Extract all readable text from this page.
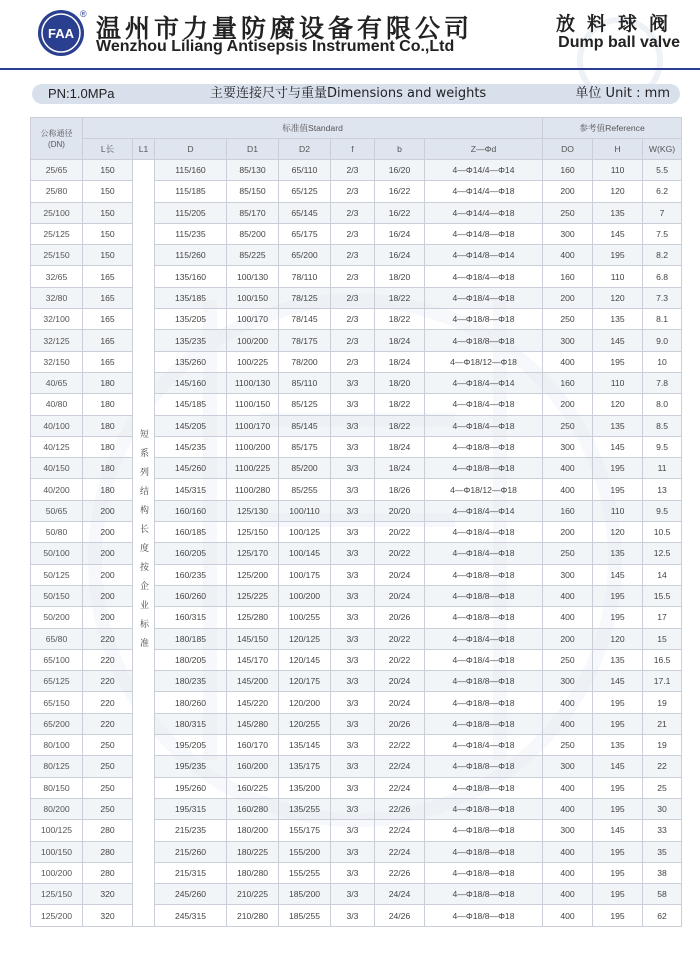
FAA
® 温州市力量防腐设备有限公司
Wenzhou Liliang Antisepsis Instrument Co.,Ltd
放料球阀
Dump ball valve
PN:1.0MPa	主要连接尺寸与重量Dimensions and weights	单位 Unit : mm
公称通径
(DN)	标准值Standard								参考值Reference		
	L长	L1	D	D1	D2	f	b	Z—Φd	DO	H	W(KG)
25/65	150	短系列结构长度按企业标准	115/160	85/130	65/110	2/3	16/20	4—Φ14/4—Φ14	160	110	5.5
25/80	150		115/185	85/150	65/125	2/3	16/22	4—Φ14/4—Φ18	200	120	6.2
25/100	150		115/205	85/170	65/145	2/3	16/22	4—Φ14/4—Φ18	250	135	7
25/125	150		115/235	85/200	65/175	2/3	16/24	4—Φ14/8—Φ18	300	145	7.5
25/150	150		115/260	85/225	65/200	2/3	16/24	4—Φ14/8—Φ14	400	195	8.2
32/65	165		135/160	100/130	78/110	2/3	18/20	4—Φ18/4—Φ18	160	110	6.8
32/80	165		135/185	100/150	78/125	2/3	18/22	4—Φ18/4—Φ18	200	120	7.3
32/100	165		135/205	100/170	78/145	2/3	18/22	4—Φ18/8—Φ18	250	135	8.1
32/125	165		135/235	100/200	78/175	2/3	18/24	4—Φ18/8—Φ18	300	145	9.0
32/150	165		135/260	100/225	78/200	2/3	18/24	4—Φ18/12—Φ18	400	195	10
40/65	180		145/160	1100/130	85/110	3/3	18/20	4—Φ18/4—Φ14	160	110	7.8
40/80	180		145/185	1100/150	85/125	3/3	18/22	4—Φ18/4—Φ18	200	120	8.0
40/100	180		145/205	1100/170	85/145	3/3	18/22	4—Φ18/4—Φ18	250	135	8.5
40/125	180		145/235	1100/200	85/175	3/3	18/24	4—Φ18/8—Φ18	300	145	9.5
40/150	180		145/260	1100/225	85/200	3/3	18/24	4—Φ18/8—Φ18	400	195	11
40/200	180		145/315	1100/280	85/255	3/3	18/26	4—Φ18/12—Φ18	400	195	13
50/65	200		160/160	125/130	100/110	3/3	20/20	4—Φ18/4—Φ14	160	110	9.5
50/80	200		160/185	125/150	100/125	3/3	20/22	4—Φ18/4—Φ18	200	120	10.5
50/100	200		160/205	125/170	100/145	3/3	20/22	4—Φ18/4—Φ18	250	135	12.5
50/125	200		160/235	125/200	100/175	3/3	20/24	4—Φ18/8—Φ18	300	145	14
50/150	200		160/260	125/225	100/200	3/3	20/24	4—Φ18/8—Φ18	400	195	15.5
50/200	200		160/315	125/280	100/255	3/3	20/26	4—Φ18/8—Φ18	400	195	17
65/80	220		180/185	145/150	120/125	3/3	20/22	4—Φ18/4—Φ18	200	120	15
65/100	220		180/205	145/170	120/145	3/3	20/22	4—Φ18/4—Φ18	250	135	16.5
65/125	220		180/235	145/200	120/175	3/3	20/24	4—Φ18/8—Φ18	300	145	17.1
65/150	220		180/260	145/220	120/200	3/3	20/24	4—Φ18/8—Φ18	400	195	19
65/200	220		180/315	145/280	120/255	3/3	20/26	4—Φ18/8—Φ18	400	195	21
80/100	250		195/205	160/170	135/145	3/3	22/22	4—Φ18/4—Φ18	250	135	19
80/125	250		195/235	160/200	135/175	3/3	22/24	4—Φ18/8—Φ18	300	145	22
80/150	250		195/260	160/225	135/200	3/3	22/24	4—Φ18/8—Φ18	400	195	25
80/200	250		195/315	160/280	135/255	3/3	22/26	4—Φ18/8—Φ18	400	195	30
100/125	280		215/235	180/200	155/175	3/3	22/24	4—Φ18/8—Φ18	300	145	33
100/150	280		215/260	180/225	155/200	3/3	22/24	4—Φ18/8—Φ18	400	195	35
100/200	280		215/315	180/280	155/255	3/3	22/26	4—Φ18/8—Φ18	400	195	38
125/150	320		245/260	210/225	185/200	3/3	24/24	4—Φ18/8—Φ18	400	195	58
125/200	320		245/315	210/280	185/255	3/3	24/26	4—Φ18/8—Φ18	400	195	62
